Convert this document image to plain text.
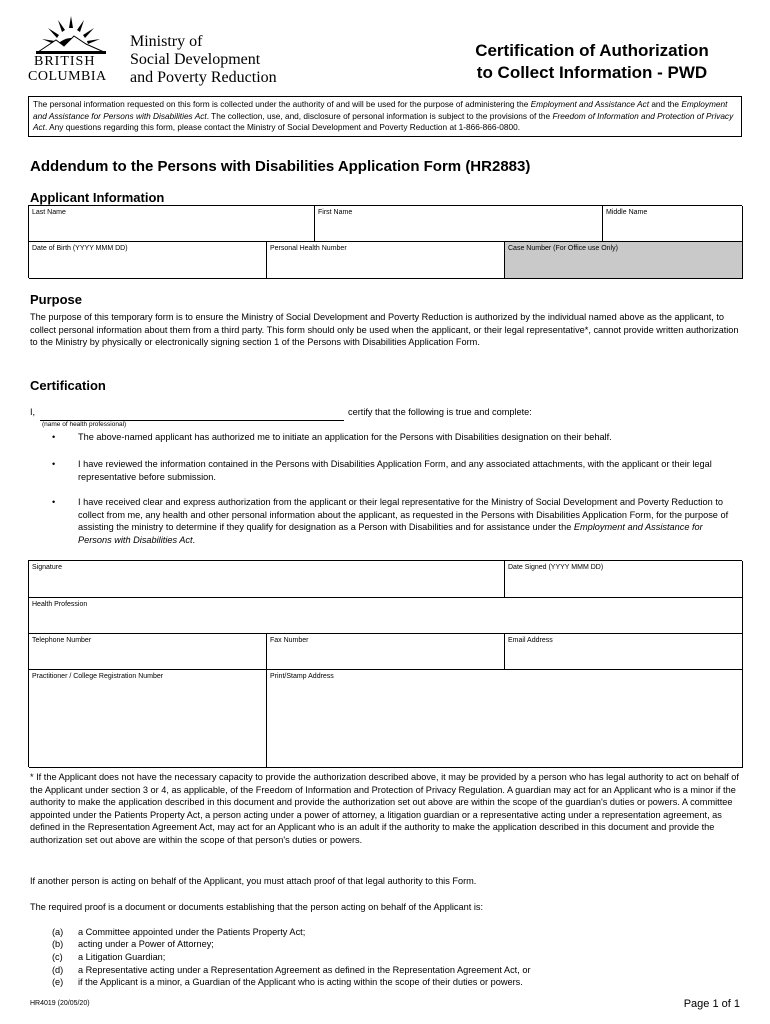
BRITISH
COLUMBIA
Ministry of
Social Development
and Poverty Reduction
Certification of Authorization
to Collect Information - PWD
The personal information requested on this form is collected under the authority of and will be used for the purpose of administering the Employment and Assistance Act and the Employment and Assistance for Persons with Disabilities Act. The collection, use, and, disclosure of personal information is subject to the provisions of the Freedom of Information and Protection of Privacy Act. Any questions regarding this form, please contact the Ministry of Social Development and Poverty Reduction at 1-866-866-0800.
Addendum to the Persons with Disabilities Application Form (HR2883)
Applicant Information
Last Name	First Name	Middle Name
Date of Birth (YYYY MMM DD)	Personal Health Number	Case Number (For Office use Only)
Purpose
The purpose of this temporary form is to ensure the Ministry of Social Development and Poverty Reduction is authorized by the individual named above as the applicant, to collect personal information about them from a third party. This form should only be used when the applicant, or their legal representative*, cannot provide written authorization to the Ministry by physically or electronically signing section 1 of the Persons with Disabilities Application Form.
Certification
I,
(name of health professional)
certify that the following is true and complete:
• The above-named applicant has authorized me to initiate an application for the Persons with Disabilities designation on their behalf.
• I have reviewed the information contained in the Persons with Disabilities Application Form, and any associated attachments, with the applicant or their legal representative before submission.
• I have received clear and express authorization from the applicant or their legal representative for the Ministry of Social Development and Poverty Reduction to collect from me, any health and other personal information about the applicant, as requested in the Persons with Disabilities Application Form, for the purpose of assisting the ministry to determine if they qualify for designation as a Person with Disabilities and for assistance under the Employment and Assistance for Persons with Disabilities Act.
Signature	Date Signed (YYYY MMM DD)
Health Profession
Telephone Number	Fax Number	Email Address
Practitioner / College Registration Number	Print/Stamp Address
* If the Applicant does not have the necessary capacity to provide the authorization described above, it may be provided by a person who has legal authority to act on behalf of the Applicant under section 3 or 4, as applicable, of the Freedom of Information and Protection of Privacy Regulation. A guardian may act for an Applicant who is a minor if the authority to make the application described in this document and provide the authorization set out above are within the scope of the guardian's duties or powers. A committee appointed under the Patients Property Act, a person acting under a power of attorney, a litigation guardian or a representative acting under a representation agreement, as defined in the Representation Agreement Act, may act for an Applicant who is an adult if the authority to make the application described in this document and provide the authorization set out above are within the scope of that person's duties or powers.
If another person is acting on behalf of the Applicant, you must attach proof of that legal authority to this Form.
The required proof is a document or documents establishing that the person acting on behalf of the Applicant is:
(a) a Committee appointed under the Patients Property Act;
(b) acting under a Power of Attorney;
(c) a Litigation Guardian;
(d) a Representative acting under a Representation Agreement as defined in the Representation Agreement Act, or
(e) if the Applicant is a minor, a Guardian of the Applicant who is acting within the scope of their duties or powers.
HR4019 (20/05/20)	Page 1 of 1
